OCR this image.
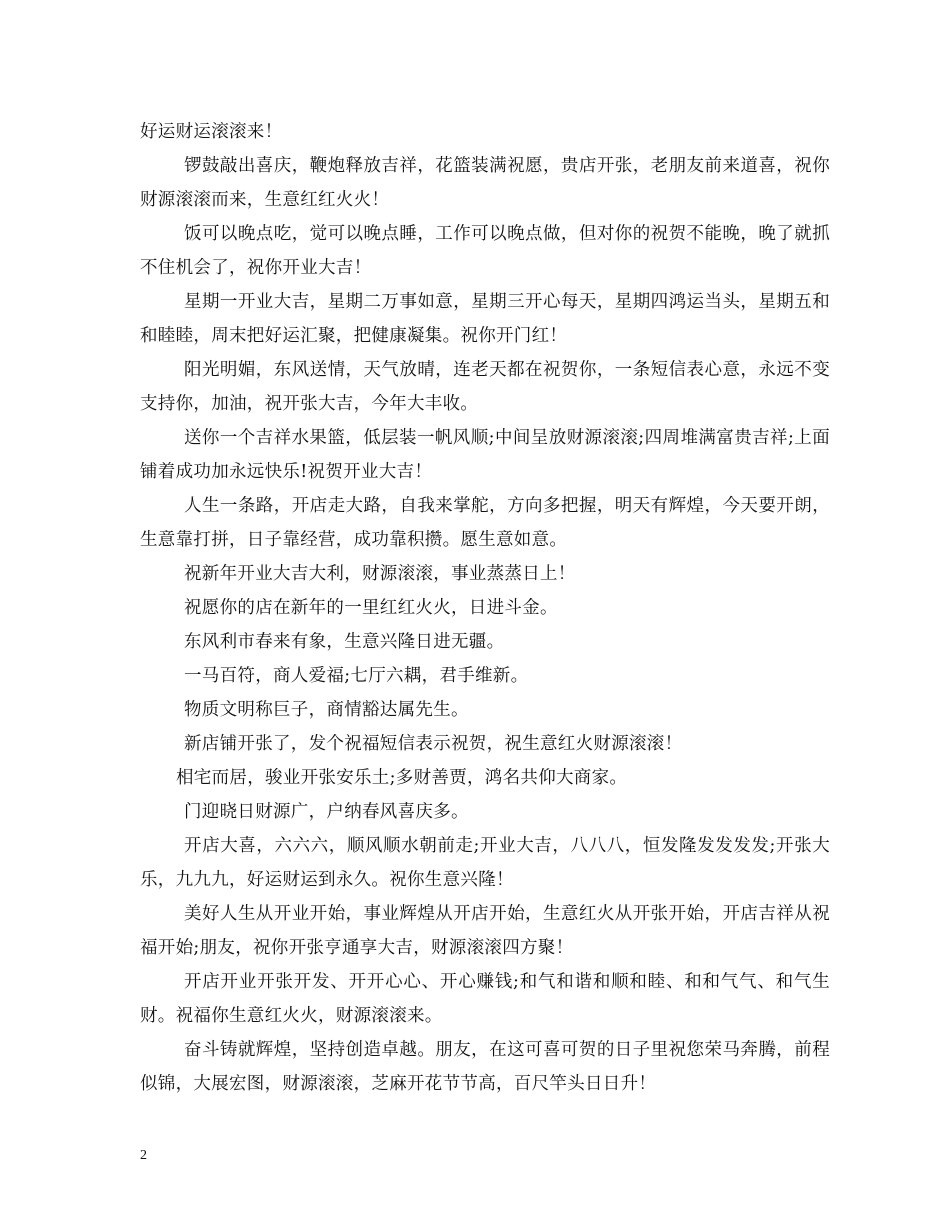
好运财运滚滚来！

锣鼓敲出喜庆，鞭炮释放吉祥，花篮装满祝愿，贵店开张，老朋友前来道喜，祝你财源滚滚而来，生意红红火火！

饭可以晚点吃，觉可以晚点睡，工作可以晚点做，但对你的祝贺不能晚，晚了就抓不住机会了，祝你开业大吉！

星期一开业大吉，星期二万事如意，星期三开心每天，星期四鸿运当头，星期五和和睦睦，周末把好运汇聚，把健康凝集。祝你开门红！

阳光明媚，东风送情，天气放晴，连老天都在祝贺你，一条短信表心意，永远不变支持你，加油，祝开张大吉，今年大丰收。

送你一个吉祥水果篮，低层装一帆风顺;中间呈放财源滚滚;四周堆满富贵吉祥;上面铺着成功加永远快乐!祝贺开业大吉！

人生一条路，开店走大路，自我来掌舵，方向多把握，明天有辉煌，今天要开朗，生意靠打拼，日子靠经营，成功靠积攒。愿生意如意。

祝新年开业大吉大利，财源滚滚，事业蒸蒸日上！

祝愿你的店在新年的一里红红火火，日进斗金。

东风利市春来有象，生意兴隆日进无疆。

一马百符，商人爱福;七厅六耦，君手维新。

物质文明称巨子，商情豁达属先生。

新店铺开张了，发个祝福短信表示祝贺，祝生意红火财源滚滚！

相宅而居，骏业开张安乐土;多财善贾，鸿名共仰大商家。

门迎晓日财源广，户纳春风喜庆多。

开店大喜，六六六，顺风顺水朝前走;开业大吉，八八八，恒发隆发发发发;开张大乐，九九九，好运财运到永久。祝你生意兴隆！

美好人生从开业开始，事业辉煌从开店开始，生意红火从开张开始，开店吉祥从祝福开始;朋友，祝你开张亨通享大吉，财源滚滚四方聚！

开店开业开张开发、开开心心、开心赚钱;和气和谐和顺和睦、和和气气、和气生财。祝福你生意红火火，财源滚滚来。

奋斗铸就辉煌，坚持创造卓越。朋友，在这可喜可贺的日子里祝您荣马奔腾，前程似锦，大展宏图，财源滚滚，芝麻开花节节高，百尺竿头日日升！

2
